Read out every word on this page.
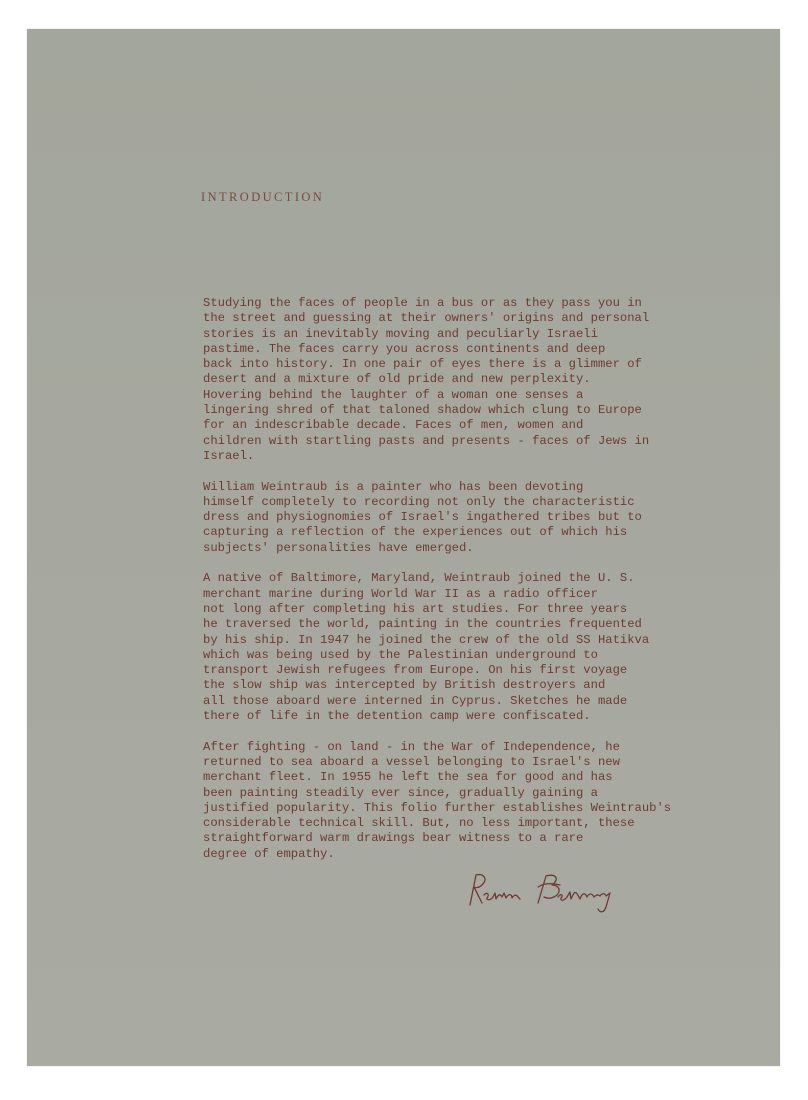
INTRODUCTION

Studying the faces of people in a bus or as they pass you in
the street and guessing at their owners' origins and personal
stories is an inevitably moving and peculiarly Israeli
pastime. The faces carry you across continents and deep
back into history. In one pair of eyes there is a glimmer of
desert and a mixture of old pride and new perplexity.
Hovering behind the laughter of a woman one senses a
lingering shred of that taloned shadow which clung to Europe
for an indescribable decade. Faces of men, women and
children with startling pasts and presents - faces of Jews in
Israel.

William Weintraub is a painter who has been devoting
himself completely to recording not only the characteristic
dress and physiognomies of Israel's ingathered tribes but to
capturing a reflection of the experiences out of which his
subjects' personalities have emerged.

A native of Baltimore, Maryland, Weintraub joined the U. S.
merchant marine during World War II as a radio officer
not long after completing his art studies. For three years
he traversed the world, painting in the countries frequented
by his ship. In 1947 he joined the crew of the old SS Hatikva
which was being used by the Palestinian underground to
transport Jewish refugees from Europe. On his first voyage
the slow ship was intercepted by British destroyers and
all those aboard were interned in Cyprus. Sketches he made
there of life in the detention camp were confiscated.

After fighting - on land - in the War of Independence, he
returned to sea aboard a vessel belonging to Israel's new
merchant fleet. In 1955 he left the sea for good and has
been painting steadily ever since, gradually gaining a
justified popularity. This folio further establishes Weintraub's
considerable technical skill. But, no less important, these
straightforward warm drawings bear witness to a rare
degree of empathy.
